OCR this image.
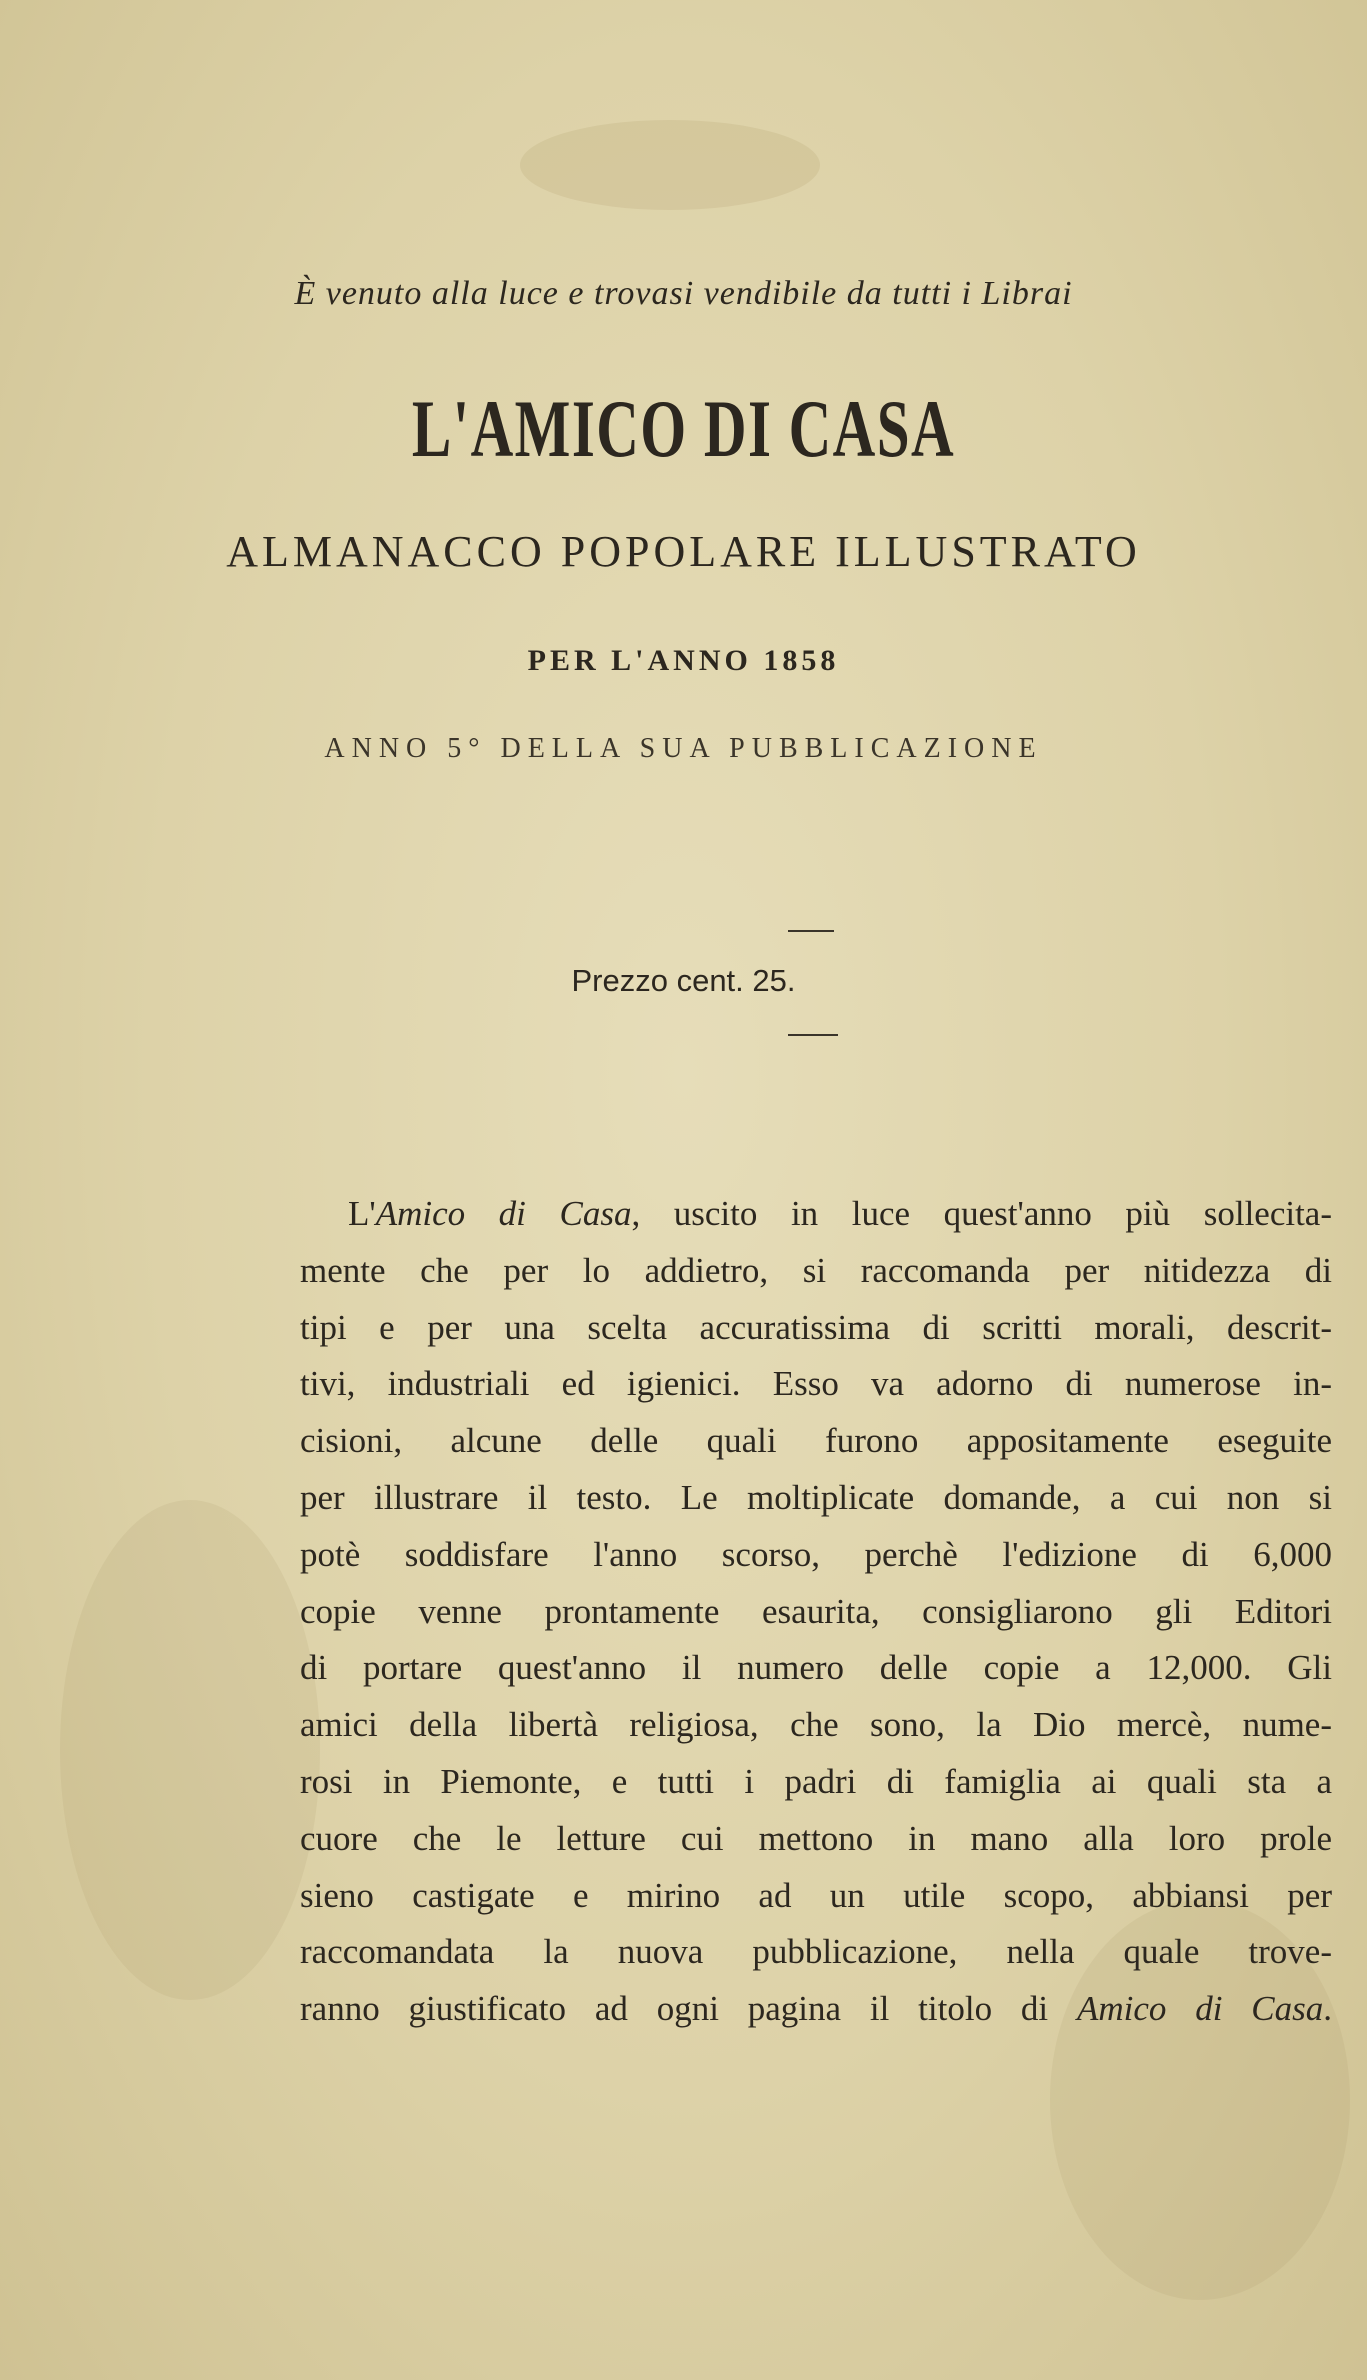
È venuto alla luce e trovasi vendibile da tutti i Librai
L'AMICO DI CASA
ALMANACCO POPOLARE ILLUSTRATO
PER L'ANNO 1858
ANNO 5° DELLA SUA PUBBLICAZIONE
Prezzo cent. 25.
L'Amico di Casa, uscito in luce quest'anno più sollecita-
mente che per lo addietro, si raccomanda per nitidezza di
tipi e per una scelta accuratissima di scritti morali, descrit-
tivi, industriali ed igienici. Esso va adorno di numerose in-
cisioni, alcune delle quali furono appositamente eseguite
per illustrare il testo. Le moltiplicate domande, a cui non si
potè soddisfare l'anno scorso, perchè l'edizione di 6,000
copie venne prontamente esaurita, consigliarono gli Editori
di portare quest'anno il numero delle copie a 12,000. Gli
amici della libertà religiosa, che sono, la Dio mercè, nume-
rosi in Piemonte, e tutti i padri di famiglia ai quali sta a
cuore che le letture cui mettono in mano alla loro prole
sieno castigate e mirino ad un utile scopo, abbiansi per
raccomandata la nuova pubblicazione, nella quale trove-
ranno giustificato ad ogni pagina il titolo di Amico di Casa.
